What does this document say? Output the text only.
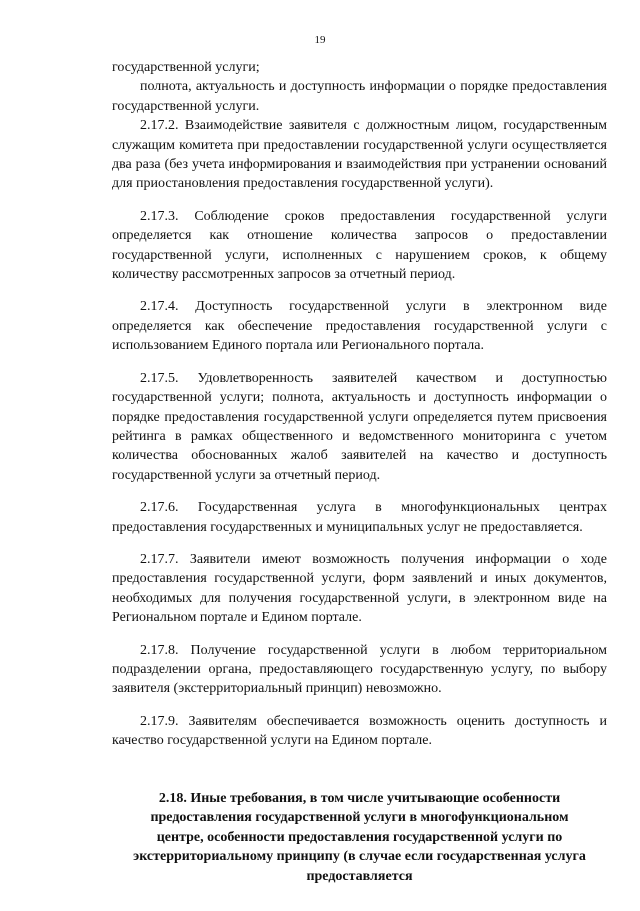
19

государственной услуги;

полнота, актуальность и доступность информации о порядке предоставления государственной услуги.

2.17.2. Взаимодействие заявителя с должностным лицом, государственным служащим комитета при предоставлении государственной услуги осуществляется два раза (без учета информирования и взаимодействия при устранении оснований для приостановления предоставления государственной услуги).

2.17.3. Соблюдение сроков предоставления государственной услуги определяется как отношение количества запросов о предоставлении государственной услуги, исполненных с нарушением сроков, к общему количеству рассмотренных запросов за отчетный период.

2.17.4. Доступность государственной услуги в электронном виде определяется как обеспечение предоставления государственной услуги с использованием Единого портала или Регионального портала.

2.17.5. Удовлетворенность заявителей качеством и доступностью государственной услуги; полнота, актуальность и доступность информации о порядке предоставления государственной услуги определяется путем присвоения рейтинга в рамках общественного и ведомственного мониторинга с учетом количества обоснованных жалоб заявителей на качество и доступность государственной услуги за отчетный период.

2.17.6. Государственная услуга в многофункциональных центрах предоставления государственных и муниципальных услуг не предоставляется.

2.17.7. Заявители имеют возможность получения информации о ходе предоставления государственной услуги, форм заявлений и иных документов, необходимых для получения государственной услуги, в электронном виде на Региональном портале и Едином портале.

2.17.8. Получение государственной услуги в любом территориальном подразделении органа, предоставляющего государственную услугу, по выбору заявителя (экстерриториальный принцип) невозможно.

2.17.9. Заявителям обеспечивается возможность оценить доступность и качество государственной услуги на Едином портале.

2.18. Иные требования, в том числе учитывающие особенности предоставления государственной услуги в многофункциональном центре, особенности предоставления государственной услуги по экстерриториальному принципу (в случае если государственная услуга предоставляется
